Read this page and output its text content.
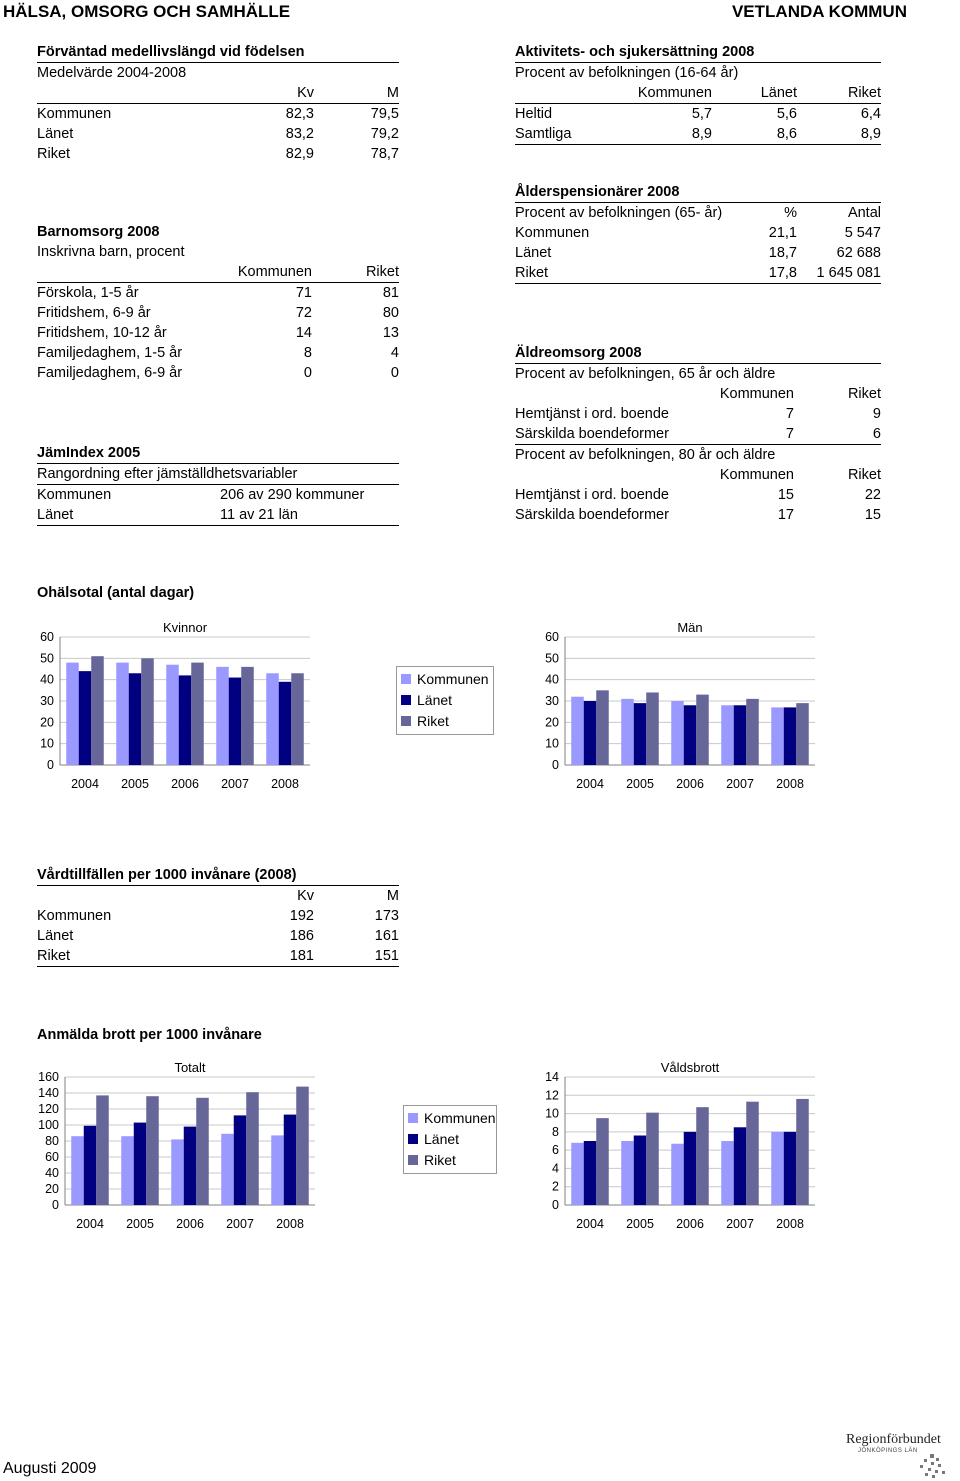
HÄLSA, OMSORG OCH SAMHÄLLE	VETLANDA KOMMUN
Förväntad medellivslängd vid födelsen
Medelvärde 2004-2008
	Kv	M
Kommunen	82,3	79,5
Länet	83,2	79,2
Riket	82,9	78,7
Aktivitets- och sjukersättning 2008
Procent av befolkningen (16-64 år)
	Kommunen	Länet	Riket
Heltid	5,7	5,6	6,4
Samtliga	8,9	8,6	8,9
Ålderspensionärer 2008
Procent av befolkningen (65- år)	%	Antal
Kommunen	21,1	5 547
Länet	18,7	62 688
Riket	17,8	1 645 081
Barnomsorg 2008
Inskrivna barn, procent
	Kommunen	Riket
Förskola, 1-5 år	71	81
Fritidshem, 6-9 år	72	80
Fritidshem, 10-12 år	14	13
Familjedaghem, 1-5 år	8	4
Familjedaghem, 6-9 år	0	0
Äldreomsorg 2008
Procent av befolkningen, 65 år och äldre
	Kommunen	Riket
Hemtjänst i ord. boende	7	9
Särskilda boendeformer	7	6
Procent av befolkningen, 80 år och äldre
	Kommunen	Riket
Hemtjänst i ord. boende	15	22
Särskilda boendeformer	17	15
JämIndex 2005
Rangordning efter jämställdhetsvariabler
Kommunen	206 av 290 kommuner
Länet	11 av 21 län
Ohälsotal (antal dagar)
Kvinnor
0
10
20
30
40
50
60
2004 2005 2006 2007 2008
Män
0
10
20
30
40
50
60
2004 2005 2006 2007 2008
Kommunen
Länet
Riket
Vårdtillfällen per 1000 invånare (2008)
	Kv	M
Kommunen	192	173
Länet	186	161
Riket	181	151
Anmälda brott per 1000 invånare
Totalt
0
20
40
60
80
100
120
140
160
2004 2005 2006 2007 2008
Våldsbrott
0
2
4
6
8
10
12
14
2004 2005 2006 2007 2008
Kommunen
Länet
Riket
Augusti 2009
Regionförbundet
JÖNKÖPINGS LÄN
